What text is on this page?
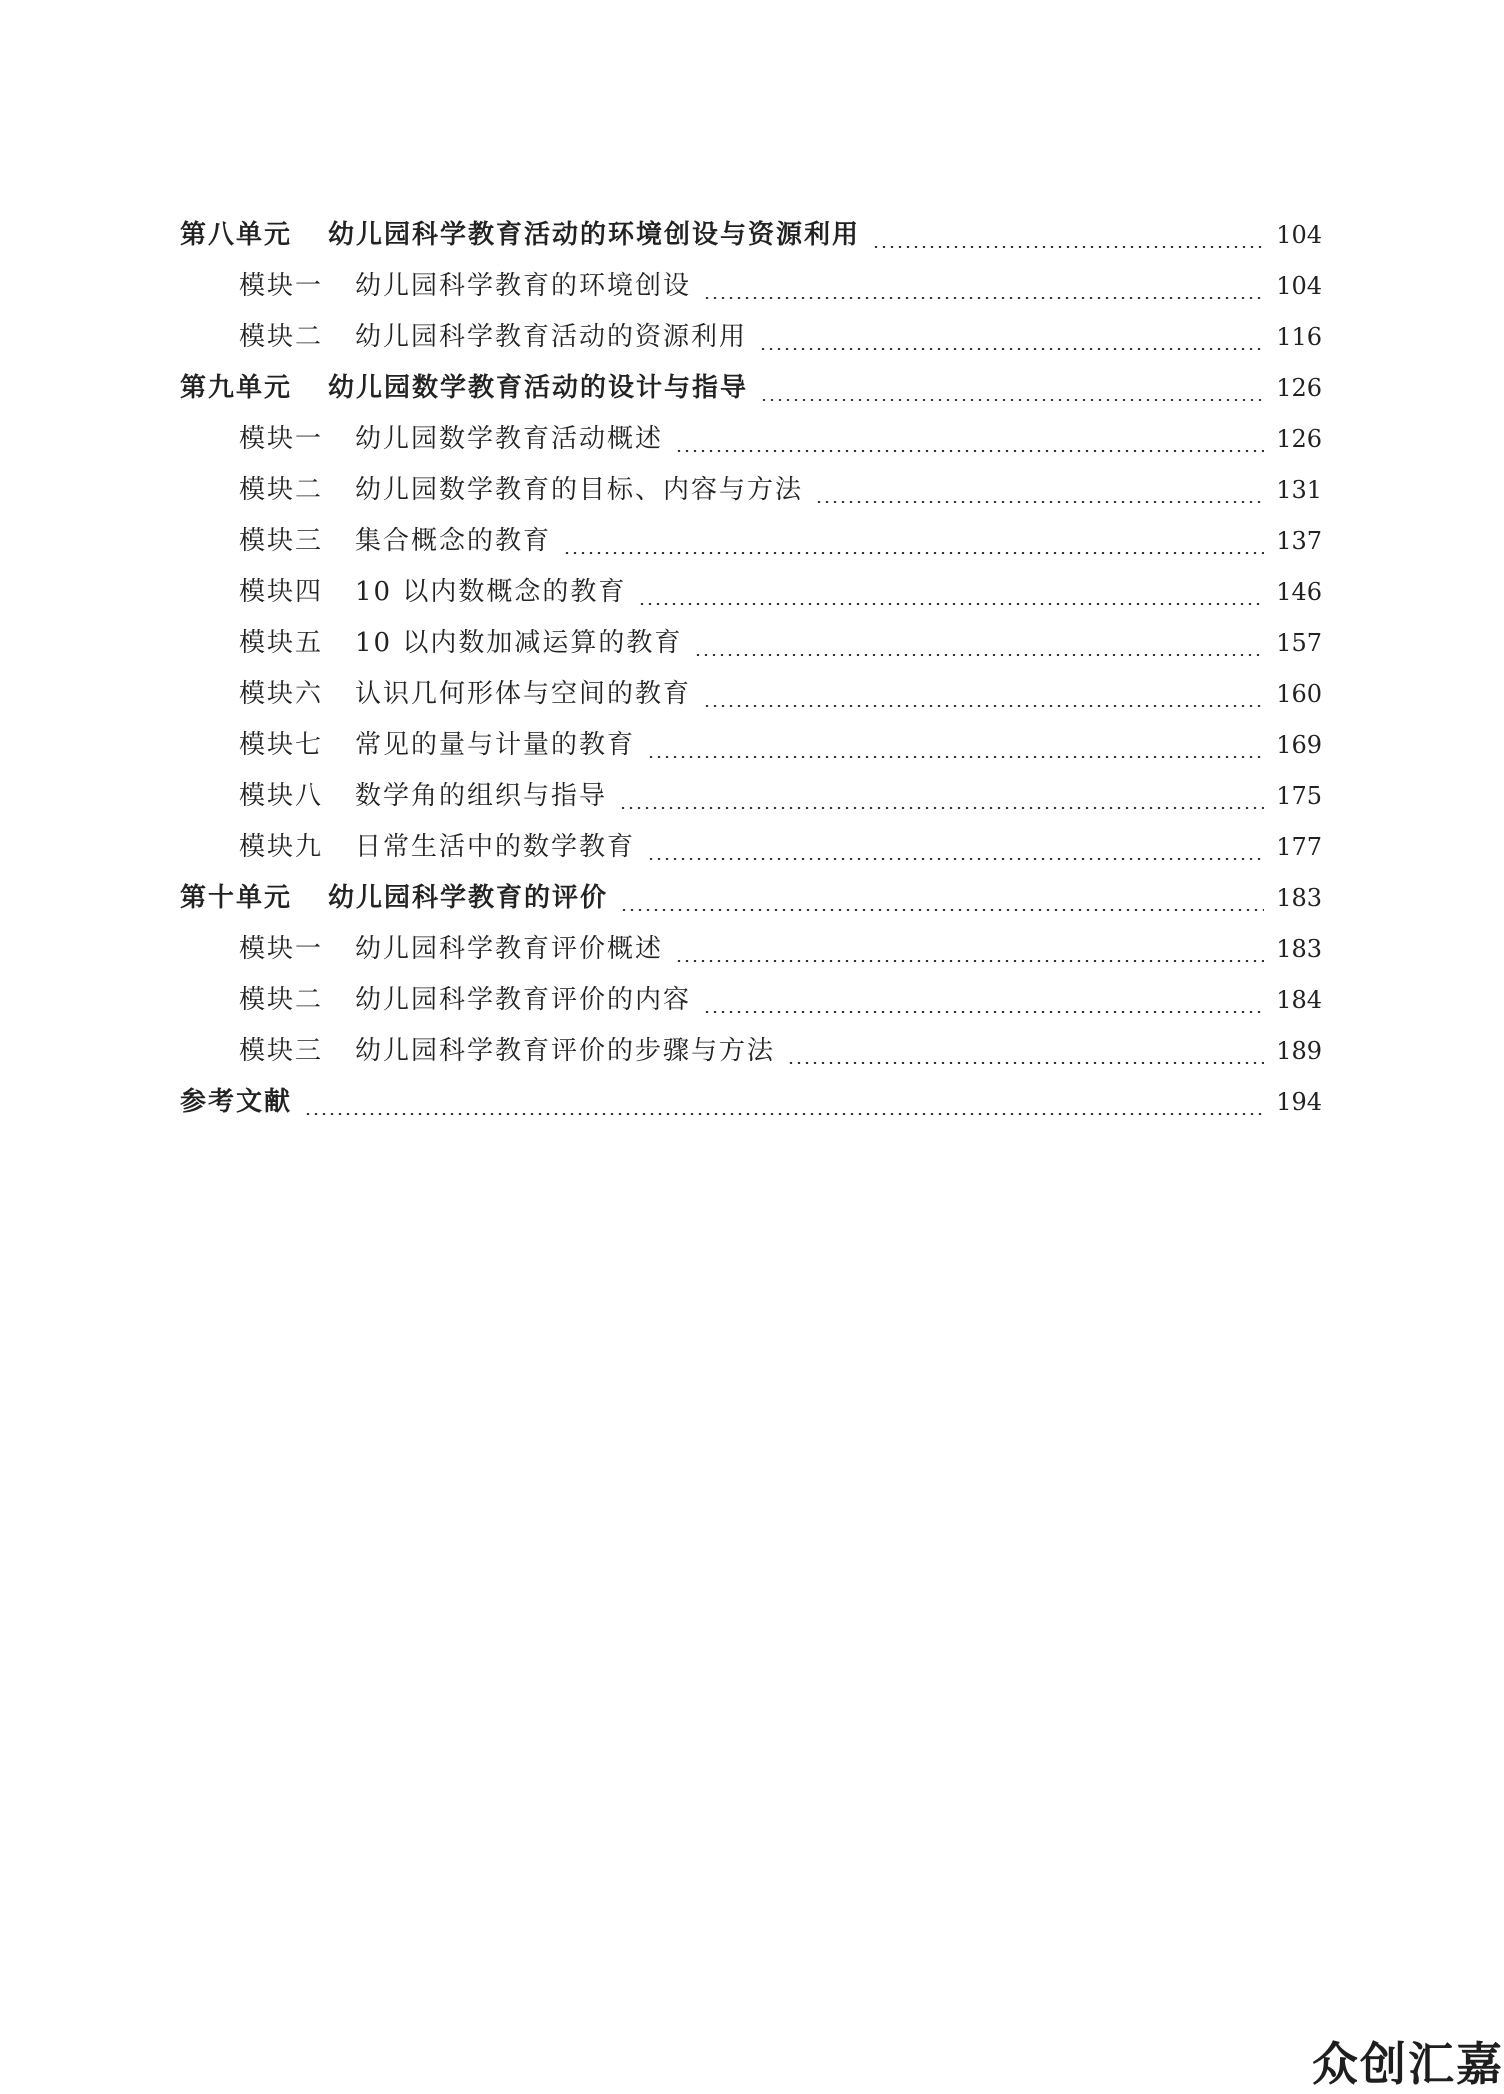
第八单元	幼儿园科学教育活动的环境创设与资源利用	104
模块一	幼儿园科学教育的环境创设	104
模块二	幼儿园科学教育活动的资源利用	116
第九单元	幼儿园数学教育活动的设计与指导	126
模块一	幼儿园数学教育活动概述	126
模块二	幼儿园数学教育的目标、内容与方法	131
模块三	集合概念的教育	137
模块四	10 以内数概念的教育	146
模块五	10 以内数加减运算的教育	157
模块六	认识几何形体与空间的教育	160
模块七	常见的量与计量的教育	169
模块八	数学角的组织与指导	175
模块九	日常生活中的数学教育	177
第十单元	幼儿园科学教育的评价	183
模块一	幼儿园科学教育评价概述	183
模块二	幼儿园科学教育评价的内容	184
模块三	幼儿园科学教育评价的步骤与方法	189
参考文献	194
众创汇嘉
